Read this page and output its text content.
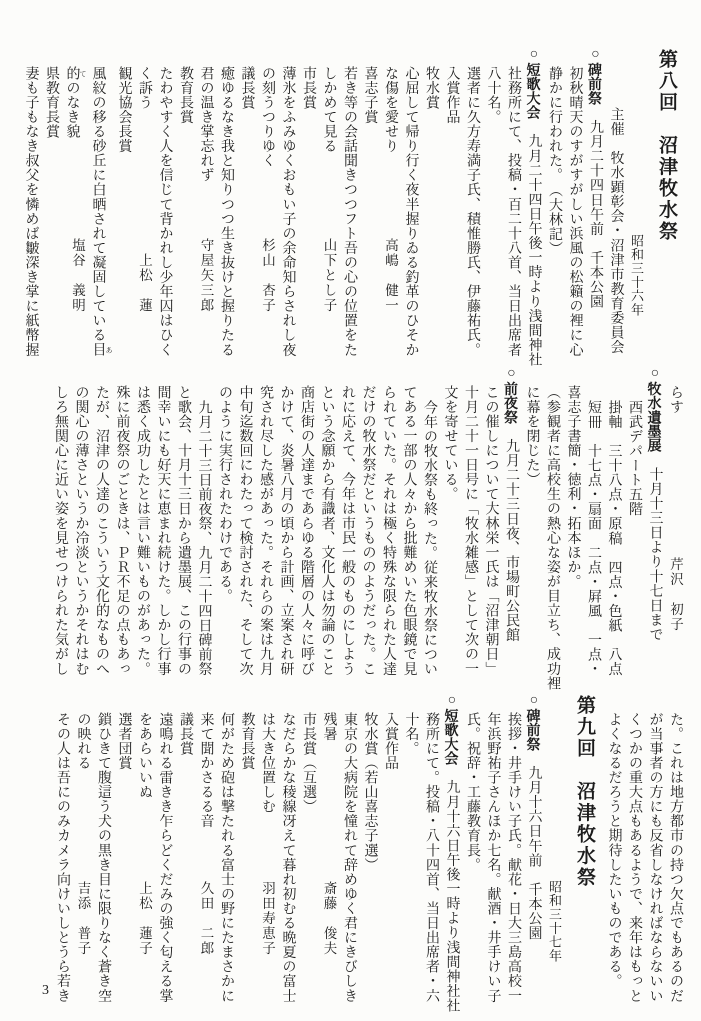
第八回　沼津牧水祭
昭和三十六年
主催　牧水顕彰会・沼津市教育委員会
○碑前祭　九月二十四日午前　千本公園
初秋晴天のすがすがしい浜風の松籟の裡に心
静かに行われた。　（大林記）
○短歌大会　九月二十四日午後一時より浅間神社
社務所にて、投稿・百二十八首、当日出席者
八十名。
選者に久方寿満子氏、積惟勝氏、伊藤祐氏。
入賞作品
牧水賞
心屈して帰り行く夜半握りゐる釣革のひそか
な傷を愛せり
高嶋　健一
喜志子賞
若き等の会話聞きつつフト吾の心の位置をた
しかめて見る
山下とし子
市長賞
薄氷をふみゆくおもい子の余命知らされし夜
の刻うつりゆく
杉山　杏子
議長賞
癒ゆるなき我と知りつつ生き抜けと握りたる
君の温き掌忘れず
守屋矢三郎
教育長賞
たわやすく人を信じて背かれし少年囚はひく
く訴う
上松　蓮
観光協会長賞
風紋の移る砂丘に白晒されて凝固している目 あ
的 てのなき貌
塩谷　義明
県教育長賞
妻も子もなき叔父を憐めば皺深き掌に紙幣握
らす
芹沢　初子
○牧水遺墨展　十月十三日より十七日まで
西武デパート五階
掛軸　三十八点・原稿　四点・色紙　八点
短冊　十七点・扇面　二点・屛風　一点・
喜志子書簡・徳利・拓本ほか。
（参観者に高校生の熱心な姿が目立ち、成功裡
に幕を閉じた）
○前夜祭　九月二十三日夜、市場町公民館
この催しについて大林栄一氏は「沼津朝日」
十月二十一日号に「牧水雑感」として次の一
文を寄せている。
今年の牧水祭も終った。従来牧水祭につい
てある一部の人々から批難めいた色眼鏡で見
られていた。それは極く特殊な限られた人達
だけの牧水祭だというもののようだった。こ
れに応えて、今年は市民一般のものにしよう
という念願から有識者、文化人は勿論のこと
商店街の人達まであらゆる階層の人々に呼び
かけて、炎暑八月の頃から計画、立案され研
究され尽した感があった。それらの案は九月
中旬迄数回にわたって検討された、そして次
のように実行されたわけである。
九月二十三日前夜祭、九月二十四日碑前祭
と歌会、十月十三日から遺墨展、この行事の
間幸いにも好天に恵まれ続けた。しかし行事
は悉く成功したとは言い難いものがあった。
殊に前夜祭のごときは、ＰＲ不足の点もあっ
たが、沼津の人達のこういう文化的なものへ
の関心の薄さというか冷淡というかそれはむ
しろ無関心に近い姿を見せつけられた気がし
た。これは地方都市の持つ欠点でもあるのだ
が当事者の方にも反省しなければならないい
くつかの重大点もあるようで、来年はもっと
よくなるだろうと期待したいものである。
第九回　沼津牧水祭
昭和三十七年
○碑前祭　九月十六日午前　千本公園
挨拶・井手けい子氏。献花・日大三島高校一
年浜野祐子さんほか七名。献酒・井手けい子
氏。祝辞・工藤教育長。
○短歌大会　九月十六日午後一時より浅間神社社
務所にて。投稿・八十四首、当日出席者・六
十名。
入賞作品
牧水賞（若山喜志子選）
東京の大病院を憧れて辞めゆく君にきびしき
残暑
斎藤　俊夫
市長賞（互選）
なだらかな稜線冴えて暮れ初むる晩夏の富士
は大き位置しむ
羽田寿恵子
教育長賞
何がため砲は撃たれる富士の野にたまさかに
来て聞かさるる音
久田　二郎
議長賞
遠鳴れる雷きき乍らどくだみの強く匂える掌
をあらいいぬ
上松　蓮子
選者団賞
鎖ひきて腹這う犬の黒き目に限りなく蒼き空
の映れる
吉添　普子
その人は吾にのみカメラ向けいしとうら若き
3
